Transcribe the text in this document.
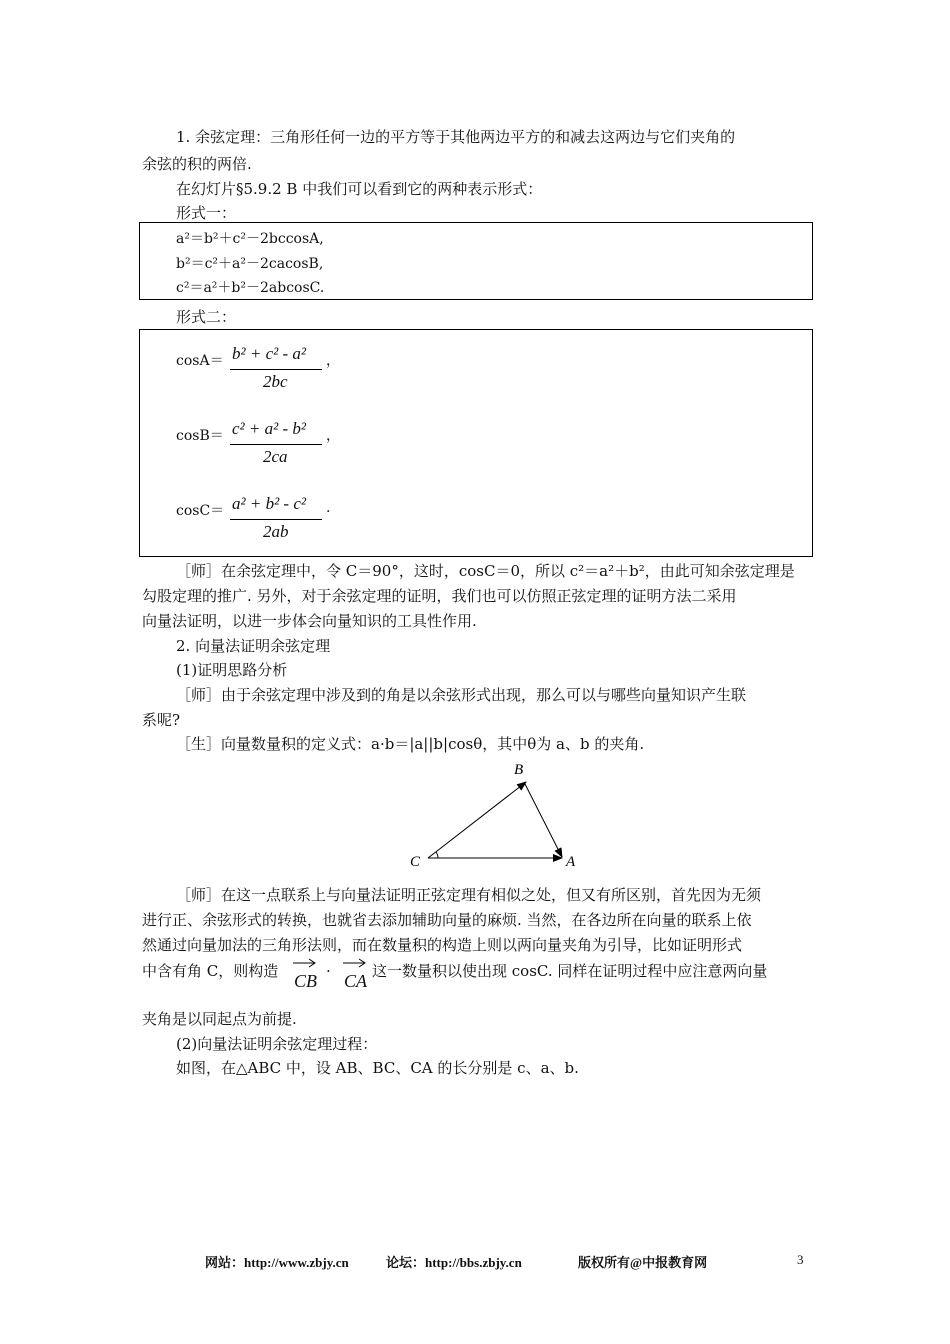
1. 余弦定理：三角形任何一边的平方等于其他两边平方的和减去这两边与它们夹角的
余弦的积的两倍.
在幻灯片§5.9.2 B 中我们可以看到它的两种表示形式：
形式一：
a²＝b²＋c²－2bccosA,
b²＝c²＋a²－2cacosB,
c²＝a²＋b²－2abcosC.
形式二：
cosA＝ b² + c² - a²
2bc
，
cosB＝ c² + a² - b²
2ca
，
cosC＝ a² + b² - c²
2ab
.
［师］在余弦定理中，令 C＝90°，这时，cosC＝0，所以 c²＝a²＋b²，由此可知余弦定理是
勾股定理的推广. 另外，对于余弦定理的证明，我们也可以仿照正弦定理的证明方法二采用
向量法证明，以进一步体会向量知识的工具性作用.
2. 向量法证明余弦定理
(1)证明思路分析
［师］由于余弦定理中涉及到的角是以余弦形式出现，那么可以与哪些向量知识产生联
系呢?
［生］向量数量积的定义式：a·b＝|a||b|cosθ，其中θ为 a、b 的夹角.
B
C	A
［师］在这一点联系上与向量法证明正弦定理有相似之处，但又有所区别，首先因为无须
进行正、余弦形式的转换，也就省去添加辅助向量的麻烦. 当然，在各边所在向量的联系上依
然通过向量加法的三角形法则，而在数量积的构造上则以两向量夹角为引导，比如证明形式
中含有角 C，则构造 CB · CA 这一数量积以使出现 cosC. 同样在证明过程中应注意两向量
夹角是以同起点为前提.
(2)向量法证明余弦定理过程：
如图，在△ABC 中，设 AB、BC、CA 的长分别是 c、a、b.
网站：http://www.zbjy.cn	论坛：http://bbs.zbjy.cn	版权所有@中报教育网	3
